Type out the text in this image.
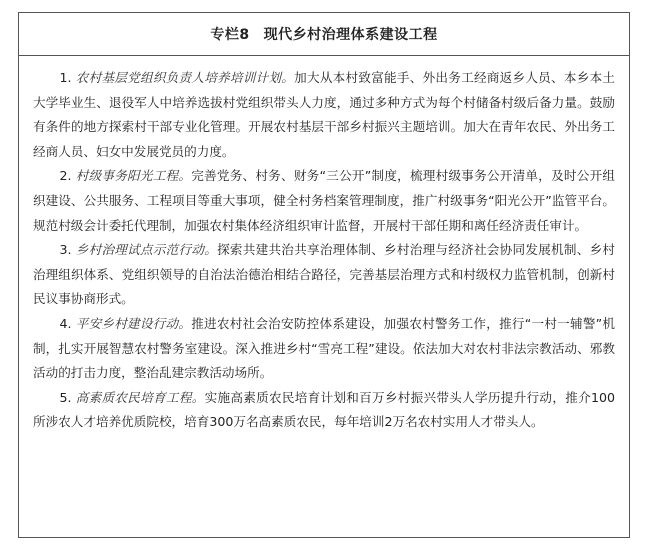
专栏8 现代乡村治理体系建设工程

1. 农村基层党组织负责人培养培训计划。加大从本村致富能手、外出务工经商返乡人员、本乡本土大学毕业生、退役军人中培养选拔村党组织带头人力度，通过多种方式为每个村储备村级后备力量。鼓励有条件的地方探索村干部专业化管理。开展农村基层干部乡村振兴主题培训。加大在青年农民、外出务工经商人员、妇女中发展党员的力度。

2. 村级事务阳光工程。完善党务、村务、财务“三公开”制度，梳理村级事务公开清单，及时公开组织建设、公共服务、工程项目等重大事项，健全村务档案管理制度，推广村级事务“阳光公开”监管平台。规范村级会计委托代理制，加强农村集体经济组织审计监督，开展村干部任期和离任经济责任审计。

3. 乡村治理试点示范行动。探索共建共治共享治理体制、乡村治理与经济社会协同发展机制、乡村治理组织体系、党组织领导的自治法治德治相结合路径，完善基层治理方式和村级权力监管机制，创新村民议事协商形式。

4. 平安乡村建设行动。推进农村社会治安防控体系建设，加强农村警务工作，推行“一村一辅警”机制，扎实开展智慧农村警务室建设。深入推进乡村“雪亮工程”建设。依法加大对农村非法宗教活动、邪教活动的打击力度，整治乱建宗教活动场所。

5. 高素质农民培育工程。实施高素质农民培育计划和百万乡村振兴带头人学历提升行动，推介100所涉农人才培养优质院校，培育300万名高素质农民，每年培训2万名农村实用人才带头人。
